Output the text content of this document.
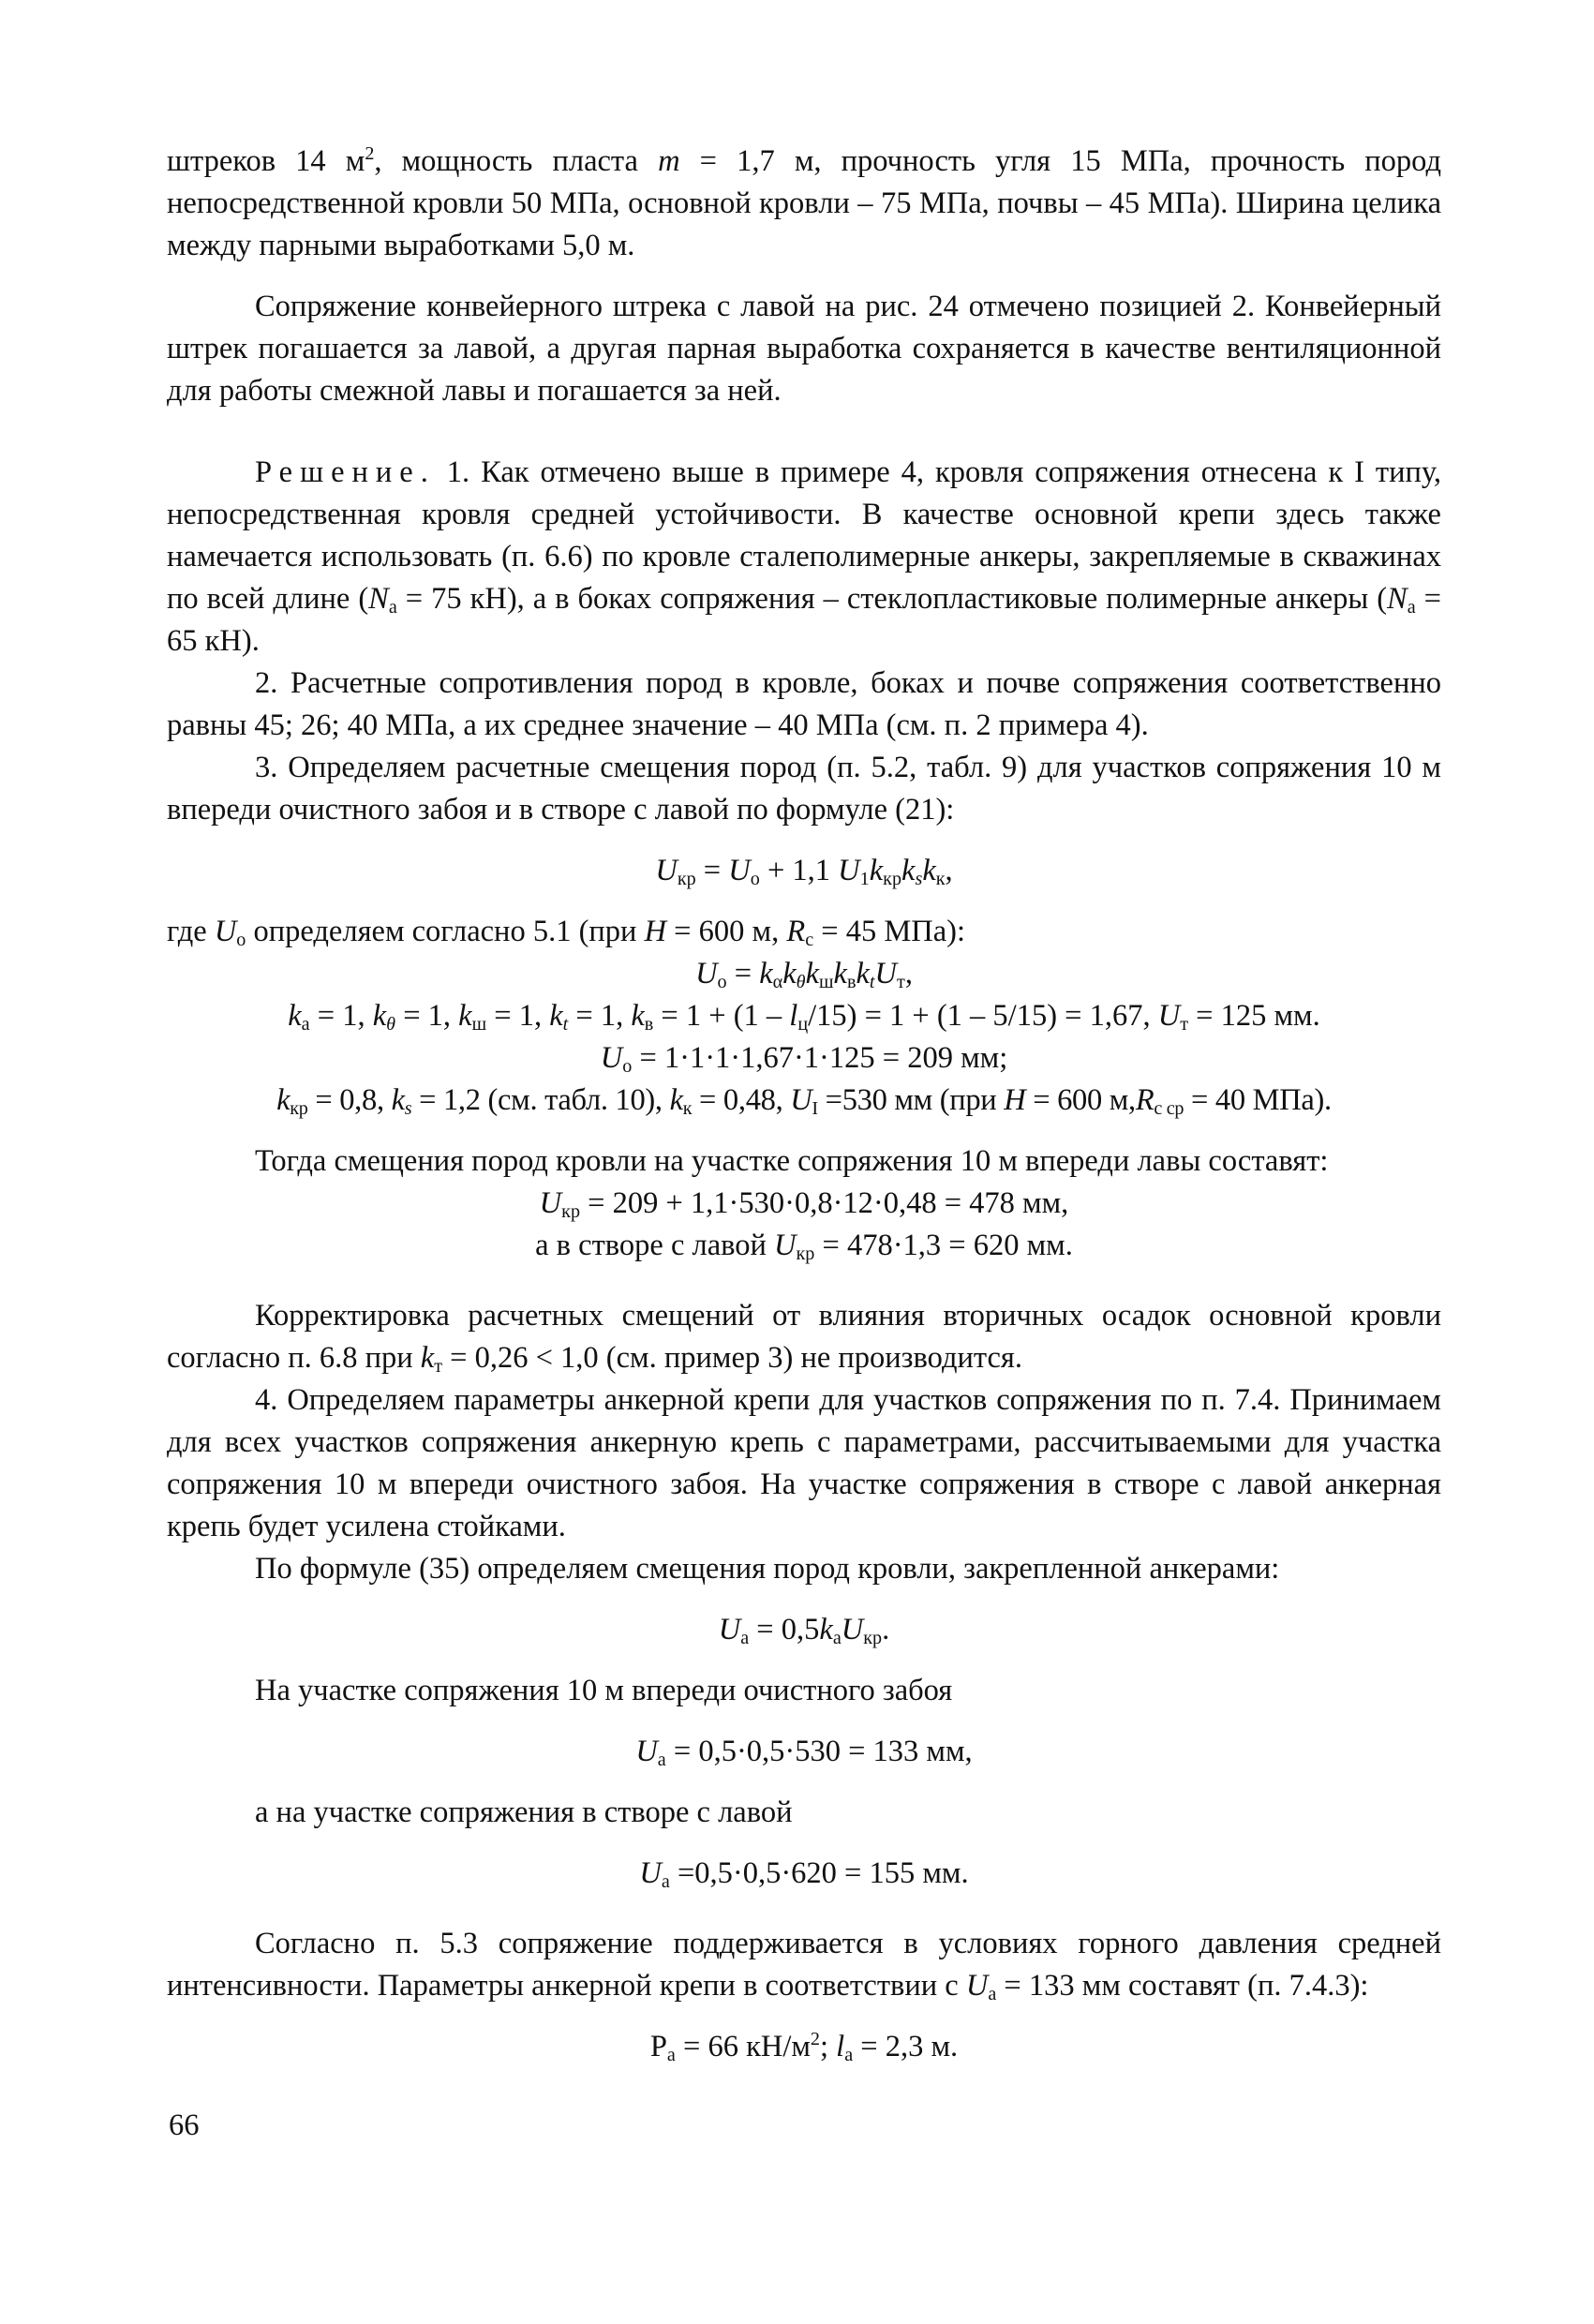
штреков 14 $м^2$, мощность пласта m = 1,7 м, прочность угля 15 МПа, прочность пород непосредственной кровли 50 МПа, основной кровли – 75 МПа, почвы – 45 МПа). Ширина целика между парными выработками 5,0 м.

Сопряжение конвейерного штрека с лавой на рис. 24 отмечено позицией 2. Конвейерный штрек погашается за лавой, а другая парная выработка сохраняется в качестве вентиляционной для работы смежной лавы и погашается за ней.

Решение. 1. Как отмечено выше в примере 4, кровля сопряжения отнесена к I типу, непосредственная кровля средней устойчивости. В качестве основной крепи здесь также намечается использовать (п. 6.6) по кровле сталеполимерные анкеры, закрепляемые в скважинах по всей длине ($N_а = 75$ кН), а в боках сопряжения – стеклопластиковые полимерные анкеры ($N_а = 65$ кН).

2. Расчетные сопротивления пород в кровле, боках и почве сопряжения соответственно равны 45; 26; 40 МПа, а их среднее значение – 40 МПа (см. п. 2 примера 4).

3. Определяем расчетные смещения пород (п. 5.2, табл. 9) для участков сопряжения 10 м впереди очистного забоя и в створе с лавой по формуле (21):

$U_{кр} = U_о + 1,1$ $U_1k_{кр}k_sk_к$,

где $U_о$ определяем согласно 5.1 (при H = 600 м, $R_с = 45$ МПа):

$U_о = k_\alpha k_\theta k_шk_вk_tU_т$,

$k_а = 1$, $k_\theta = 1$, $k_ш = 1$, $k_t = 1$, $k_в = 1 + (1 - l_ц/15) = 1 + (1 - 5/15) = 1,67$, $U_т = 125$ мм.

$U_о = 1\cdot 1\cdot 1\cdot 1,67\cdot 1\cdot 125 = 209$ мм;

$k_{кр} = 0,8$, $k_s = 1,2$ (см. табл. 10), $k_к = 0,48$, $U_I =530$ мм (при H = 600 $м,R_{с ср} = 40$ МПа).

Тогда смещения пород кровли на участке сопряжения 10 м впереди лавы составят:

$U_{кр} = 209 + 1,1\cdot 530\cdot 0,8\cdot 12\cdot 0,48 = 478$ мм,

а в створе с лавой $U_{кр} = 478\cdot 1,3 = 620$ мм.

Корректировка расчетных смещений от влияния вторичных осадок основной кровли согласно п. 6.8 при $k_т = 0,26 < 1,0$ (см. пример 3) не производится.

4. Определяем параметры анкерной крепи для участков сопряжения по п. 7.4. Принимаем для всех участков сопряжения анкерную крепь с параметрами, рассчитываемыми для участка сопряжения 10 м впереди очистного забоя. На участке сопряжения в створе с лавой анкерная крепь будет усилена стойками.

По формуле (35) определяем смещения пород кровли, закрепленной анкерами:

$U_а = 0,5k_аU_{кр}$.

На участке сопряжения 10 м впереди очистного забоя

$U_а = 0,5\cdot 0,5\cdot 530 = 133$ мм,

а на участке сопряжения в створе с лавой

$U_а =0,5\cdot 0,5\cdot 620 = 155$ мм.

Согласно п. 5.3 сопряжение поддерживается в условиях горного давления средней интенсивности. Параметры анкерной крепи в соответствии с $U_а = 133$ мм составят (п. 7.4.3):

$Р_а = 66$ $кН/м^2$; $l_а = 2,3$ м.

66
